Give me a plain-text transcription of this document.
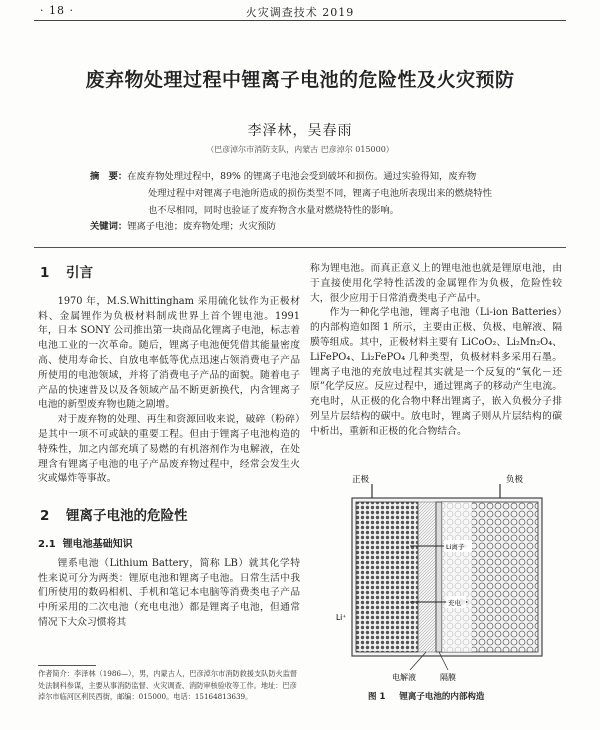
· 18 ·	火灾调查技术 2019
废弃物处理过程中锂离子电池的危险性及火灾预防
李泽林，吴春雨
（巴彦淖尔市消防支队，内蒙古 巴彦淖尔 015000）
摘　要：在废弃物处理过程中，89% 的锂离子电池会受到破坏和损伤。通过实验得知，废弃物
处理过程中对锂离子电池所造成的损伤类型不同，锂离子电池所表现出来的燃烧特性
也不尽相同，同时也验证了废弃物含水量对燃烧特性的影响。
关键词：锂离子电池；废弃物处理；火灾预防
1 引言

1970 年，M.S.Whittingham 采用硫化钛作为正极材料、金属锂作为负极材料制成世界上首个锂电池。1991 年，日本 SONY 公司推出第一块商品化锂离子电池，标志着电池工业的一次革命。随后，锂离子电池便凭借其能量密度高、使用寿命长、自放电率低等优点迅速占领消费电子产品所使用的电池领域，并将了消费电子产品的面貌。随着电子产品的快速普及以及各领域产品不断更新换代，内含锂离子电池的新型废弃物也随之剧增。

对于废弃物的处理、再生和资源回收来说，破碎（粉碎）是其中一项不可或缺的重要工程。但由于锂离子电池构造的特殊性，加之内部充填了易燃的有机溶剂作为电解液，在处理含有锂离子电池的电子产品废弃物过程中，经常会发生火灾或爆炸等事故。

2 锂离子电池的危险性
2.1 锂电池基础知识

锂系电池（Lithium Battery，简称 LB）就其化学特性来说可分为两类：锂原电池和锂离子电池。日常生活中我们所使用的数码相机、手机和笔记本电脑等消费类电子产品中所采用的二次电池（充电电池）都是锂离子电池，但通常情况下大众习惯将其

作者简介：李泽林（1986—），男，内蒙古人，巴彦淖尔市消防救援支队防火监督处法制科参谋，主要从事消防监督、火灾调查、消防审核验收等工作。地址：巴彦淖尔市临河区利民西街，邮编：015000。电话：15164813639。

称为锂电池。而真正意义上的锂电池也就是锂原电池，由于直接使用化学特性活泼的金属锂作为负极，危险性较大，很少应用于日常消费类电子产品中。

作为一种化学电池，锂离子电池（Li-ion Batteries）的内部构造如图 1 所示，主要由正极、负极、电解液、隔膜等组成。其中，正极材料主要有 LiCoO₂、Li₂Mn₂O₄、LiFePO₄、Li₂FePO₄ 几种类型，负极材料多采用石墨。锂离子电池的充放电过程其实就是一个反复的“氧化－还原”化学反应。反应过程中，通过锂离子的移动产生电流。充电时，从正极的化合物中释出锂离子，嵌入负极分子排列呈片层结构的碳中。放电时，锂离子则从片层结构的碳中析出，重新和正极的化合物结合。

正极	负极
Li离子
充电
Li⁺
电解液	隔膜
图 1 锂离子电池的内部构造
